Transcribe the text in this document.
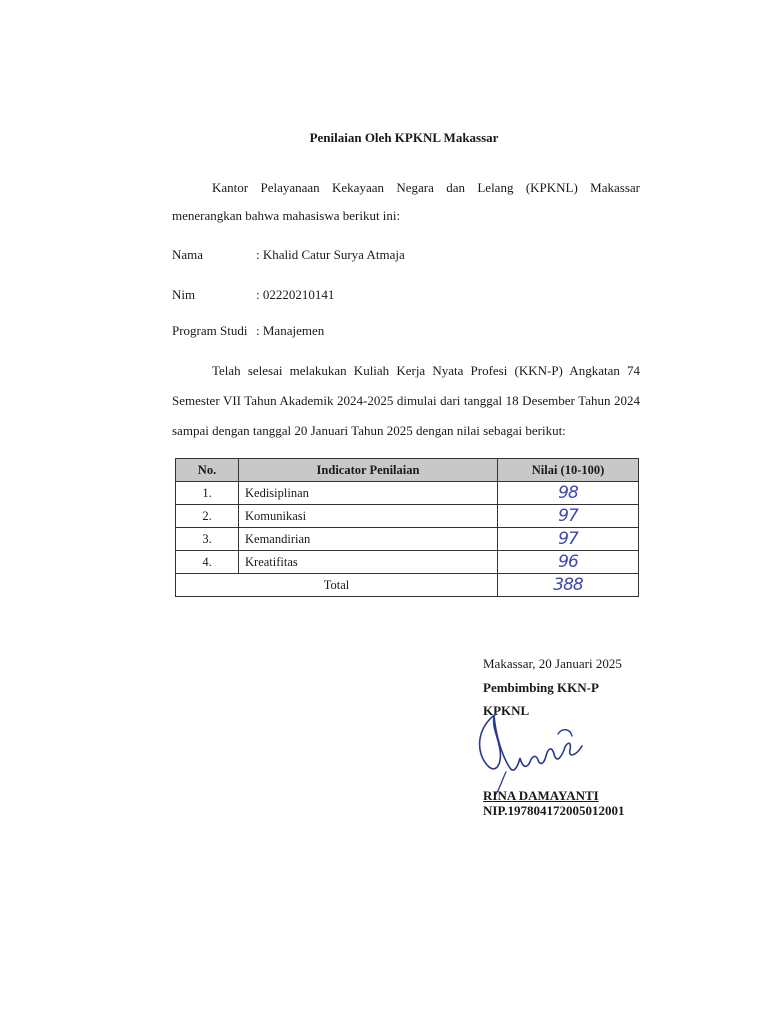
Penilaian Oleh KPKNL Makassar
Kantor Pelayanaan Kekayaan Negara dan Lelang (KPKNL) Makassar
menerangkan bahwa mahasiswa berikut ini:
Nama	: Khalid Catur Surya Atmaja
Nim	: 02220210141
Program Studi : Manajemen
Telah selesai melakukan Kuliah Kerja Nyata Profesi (KKN-P) Angkatan 74
Semester VII Tahun Akademik 2024-2025 dimulai dari tanggal 18 Desember Tahun 2024
sampai dengan tanggal 20 Januari Tahun 2025 dengan nilai sebagai berikut:
No.	Indicator Penilaian	Nilai (10-100)
1.	Kedisiplinan	98
2.	Komunikasi	97
3.	Kemandirian	97
4.	Kreatifitas	96
Total		388
Makassar, 20 Januari 2025
Pembimbing KKN-P
KPKNL
RINA DAMAYANTI
NIP.197804172005012001
